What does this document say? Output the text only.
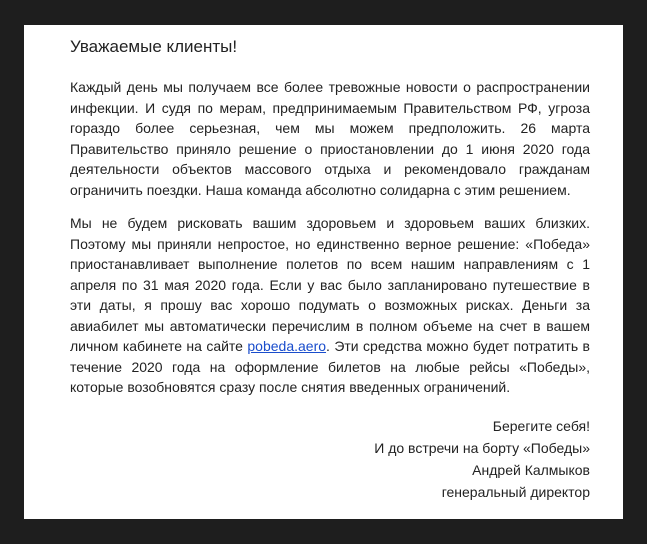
Уважаемые клиенты!

Каждый день мы получаем все более тревожные новости о распространении инфекции. И судя по мерам, предпринимаемым Правительством РФ, угроза гораздо более серьезная, чем мы можем предположить. 26 марта Правительство приняло решение о приостановлении до 1 июня 2020 года деятельности объектов массового отдыха и рекомендовало гражданам ограничить поездки. Наша команда абсолютно солидарна с этим решением.

Мы не будем рисковать вашим здоровьем и здоровьем ваших близких. Поэтому мы приняли непростое, но единственно верное решение: «Победа» приостанавливает выполнение полетов по всем нашим направлениям с 1 апреля по 31 мая 2020 года. Если у вас было запланировано путешествие в эти даты, я прошу вас хорошо подумать о возможных рисках. Деньги за авиабилет мы автоматически перечислим в полном объеме на счет в вашем личном кабинете на сайте pobeda.aero. Эти средства можно будет потратить в течение 2020 года на оформление билетов на любые рейсы «Победы», которые возобновятся сразу после снятия введенных ограничений.

Берегите себя!
И до встречи на борту «Победы»
Андрей Калмыков
генеральный директор
